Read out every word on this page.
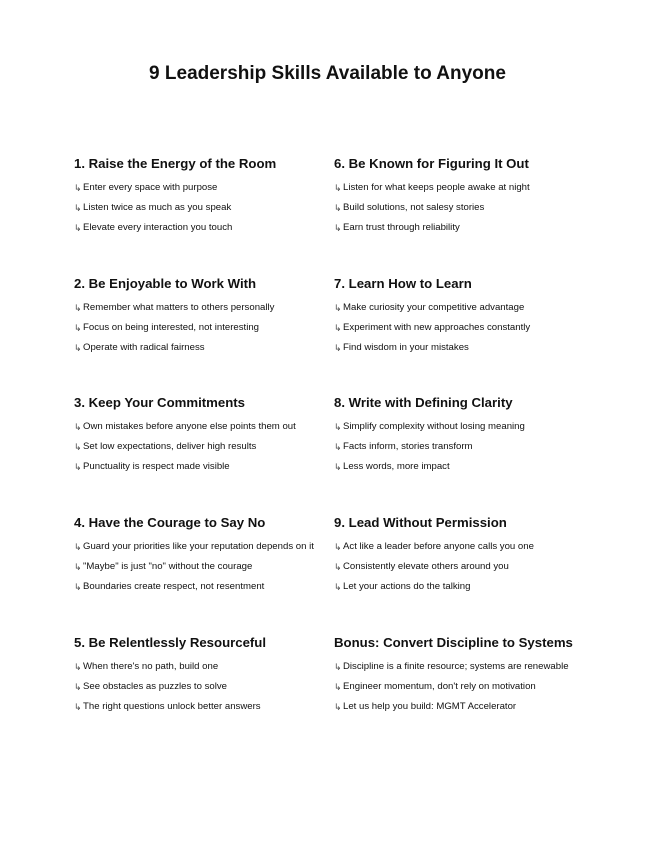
9 Leadership Skills Available to Anyone
1. Raise the Energy of the Room
↳ Enter every space with purpose
↳ Listen twice as much as you speak
↳ Elevate every interaction you touch
6. Be Known for Figuring It Out
↳ Listen for what keeps people awake at night
↳ Build solutions, not salesy stories
↳ Earn trust through reliability
2. Be Enjoyable to Work With
↳ Remember what matters to others personally
↳ Focus on being interested, not interesting
↳ Operate with radical fairness
7. Learn How to Learn
↳ Make curiosity your competitive advantage
↳ Experiment with new approaches constantly
↳ Find wisdom in your mistakes
3. Keep Your Commitments
↳ Own mistakes before anyone else points them out
↳ Set low expectations, deliver high results
↳ Punctuality is respect made visible
8. Write with Defining Clarity
↳ Simplify complexity without losing meaning
↳ Facts inform, stories transform
↳ Less words, more impact
4. Have the Courage to Say No
↳ Guard your priorities like your reputation depends on it
↳ "Maybe" is just "no" without the courage
↳ Boundaries create respect, not resentment
9. Lead Without Permission
↳ Act like a leader before anyone calls you one
↳ Consistently elevate others around you
↳ Let your actions do the talking
5. Be Relentlessly Resourceful
↳ When there's no path, build one
↳ See obstacles as puzzles to solve
↳ The right questions unlock better answers
Bonus: Convert Discipline to Systems
↳ Discipline is a finite resource; systems are renewable
↳ Engineer momentum, don't rely on motivation
↳ Let us help you build: MGMT Accelerator
